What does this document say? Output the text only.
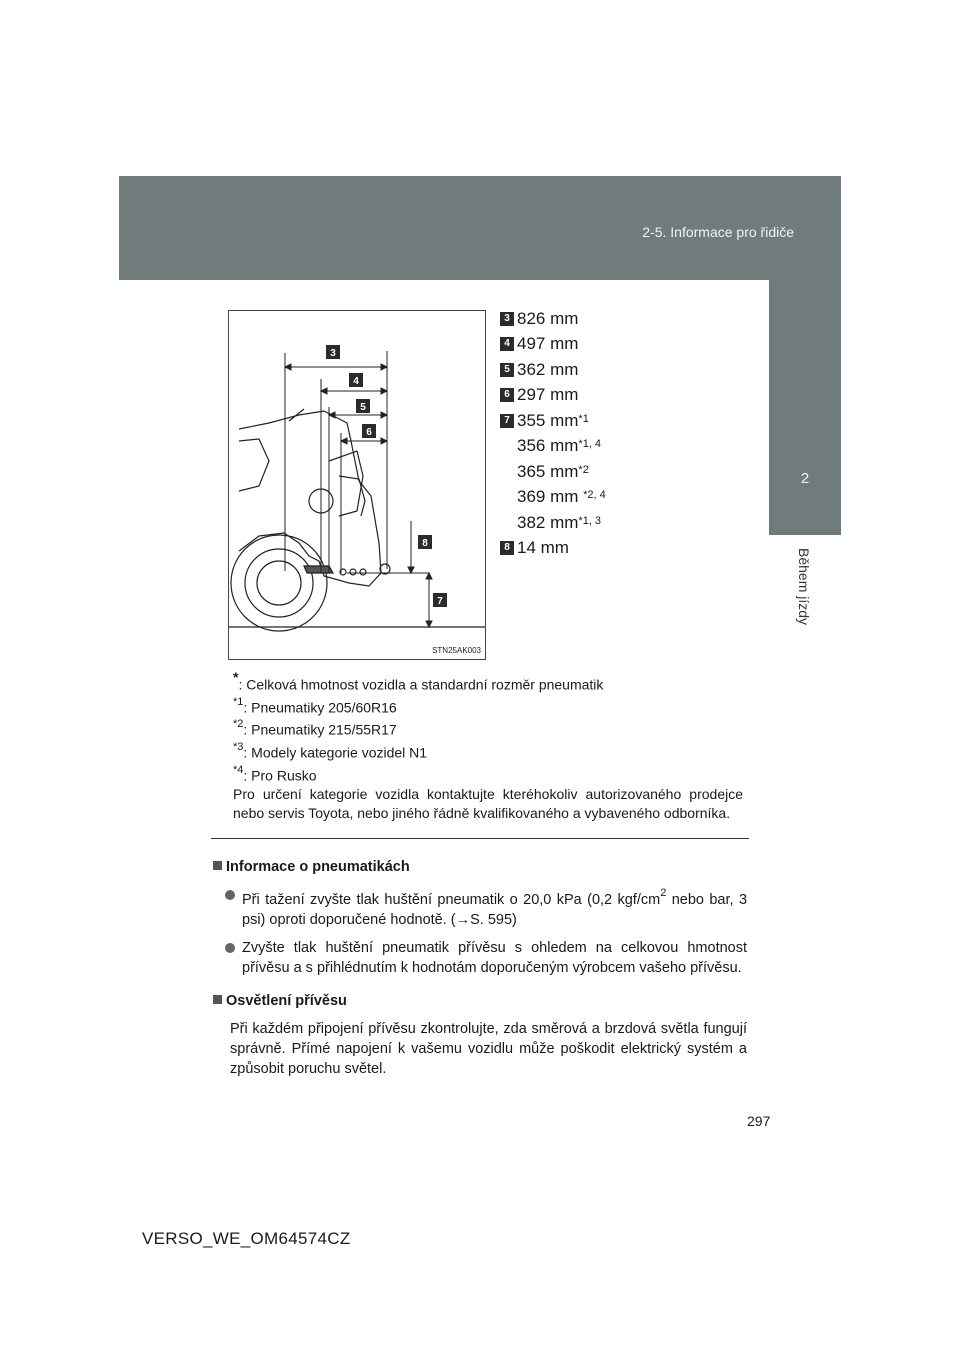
2-5. Informace pro řidiče
2
Během jízdy
3
4
5
6
7
8
STN25AK003
3 826 mm
4 497 mm
5 362 mm
6 297 mm
7 355 $mm^{*1}$
356 mm$^{*1, 4}$
365 $mm^{*2}$
369 mm $^{*2, 4}$
382 mm$^{*1, 3}$
8 14 mm
*: Celková hmotnost vozidla a standardní rozměr pneumatik
$^{*1}$: Pneumatiky 205/60R16
$^{*2}$: Pneumatiky 215/55R17
$^{*3}$: Modely kategorie vozidel N1
$^{*4}$: Pro Rusko
Pro určení kategorie vozidla kontaktujte kteréhokoliv autorizovaného prodejce nebo servis Toyota, nebo jiného řádně kvalifikovaného a vybaveného odborníka.
Informace o pneumatikách
Při tažení zvyšte tlak huštění pneumatik o 20,0 kPa (0,2 kgf/$cm^2$ nebo bar, 3 psi) oproti doporučené hodnotě. (→S. 595)
Zvyšte tlak huštění pneumatik přívěsu s ohledem na celkovou hmotnost přívěsu a s přihlédnutím k hodnotám doporučeným výrobcem vašeho přívěsu.
Osvětlení přívěsu
Při každém připojení přívěsu zkontrolujte, zda směrová a brzdová světla fungují správně. Přímé napojení k vašemu vozidlu může poškodit elektrický systém a způsobit poruchu světel.
297
VERSO_WE_OM64574CZ
